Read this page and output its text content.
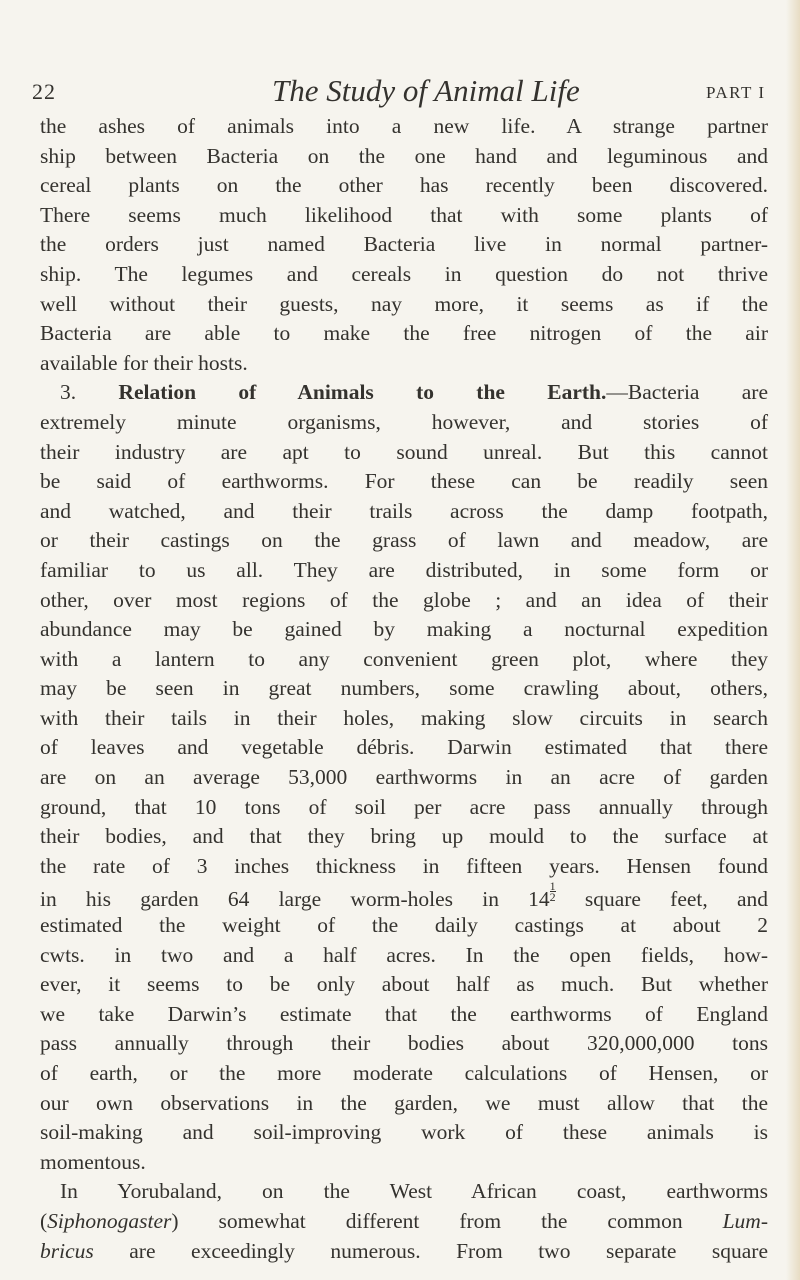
22	The Study of Animal Life	PART I
the ashes of animals into a new life. A strange partner
ship between Bacteria on the one hand and leguminous and
cereal plants on the other has recently been discovered.
There seems much likelihood that with some plants of
the orders just named Bacteria live in normal partner-
ship. The legumes and cereals in question do not thrive
well without their guests, nay more, it seems as if the
Bacteria are able to make the free nitrogen of the air
available for their hosts.
3. Relation of Animals to the Earth.—Bacteria are
extremely minute organisms, however, and stories of
their industry are apt to sound unreal. But this cannot
be said of earthworms. For these can be readily seen
and watched, and their trails across the damp footpath,
or their castings on the grass of lawn and meadow, are
familiar to us all. They are distributed, in some form or
other, over most regions of the globe ; and an idea of their
abundance may be gained by making a nocturnal expedition
with a lantern to any convenient green plot, where they
may be seen in great numbers, some crawling about, others,
with their tails in their holes, making slow circuits in search
of leaves and vegetable débris. Darwin estimated that there
are on an average 53,000 earthworms in an acre of garden
ground, that 10 tons of soil per acre pass annually through
their bodies, and that they bring up mould to the surface at
the rate of 3 inches thickness in fifteen years. Hensen found
in his garden 64 large worm-holes in $14 \frac{1}{2}$ square feet, and
estimated the weight of the daily castings at about 2
cwts. in two and a half acres. In the open fields, how-
ever, it seems to be only about half as much. But whether
we take Darwin’s estimate that the earthworms of England
pass annually through their bodies about 320,000,000 tons
of earth, or the more moderate calculations of Hensen, or
our own observations in the garden, we must allow that the
soil-making and soil-improving work of these animals is
momentous.
In Yorubaland, on the West African coast, earthworms
(Siphonogaster) somewhat different from the common Lum-
bricus are exceedingly numerous. From two separate square
